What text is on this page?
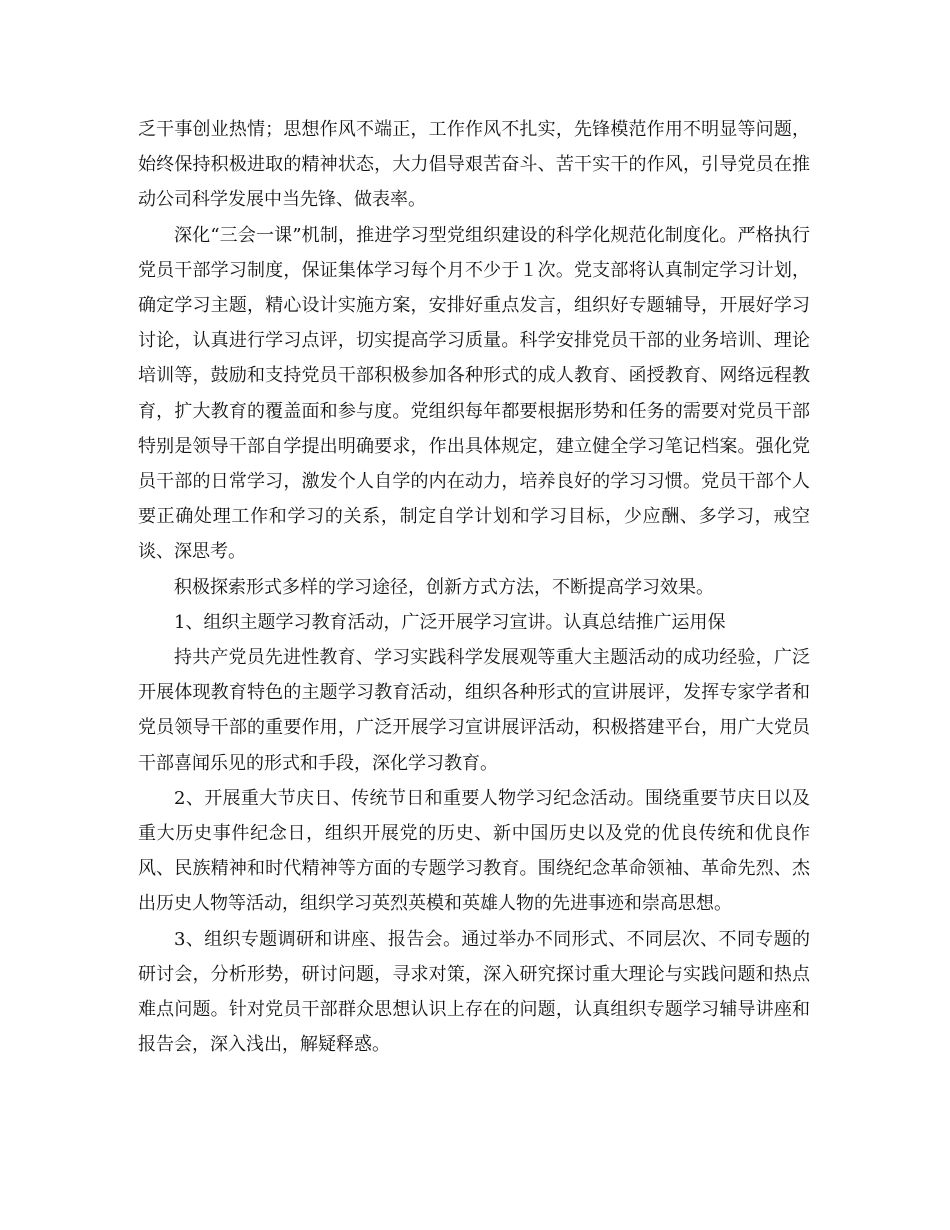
乏干事创业热情；思想作风不端正，工作作风不扎实，先锋模范作用不明显等问题，始终保持积极进取的精神状态，大力倡导艰苦奋斗、苦干实干的作风，引导党员在推动公司科学发展中当先锋、做表率。

深化“三会一课”机制，推进学习型党组织建设的科学化规范化制度化。严格执行党员干部学习制度，保证集体学习每个月不少于１次。党支部将认真制定学习计划，确定学习主题，精心设计实施方案，安排好重点发言，组织好专题辅导，开展好学习讨论，认真进行学习点评，切实提高学习质量。科学安排党员干部的业务培训、理论培训等，鼓励和支持党员干部积极参加各种形式的成人教育、函授教育、网络远程教育，扩大教育的覆盖面和参与度。党组织每年都要根据形势和任务的需要对党员干部特别是领导干部自学提出明确要求，作出具体规定，建立健全学习笔记档案。强化党员干部的日常学习，激发个人自学的内在动力，培养良好的学习习惯。党员干部个人要正确处理工作和学习的关系，制定自学计划和学习目标，少应酬、多学习，戒空谈、深思考。

积极探索形式多样的学习途径，创新方式方法，不断提高学习效果。

1、组织主题学习教育活动，广泛开展学习宣讲。认真总结推广运用保

持共产党员先进性教育、学习实践科学发展观等重大主题活动的成功经验，广泛开展体现教育特色的主题学习教育活动，组织各种形式的宣讲展评，发挥专家学者和党员领导干部的重要作用，广泛开展学习宣讲展评活动，积极搭建平台，用广大党员干部喜闻乐见的形式和手段，深化学习教育。

2、开展重大节庆日、传统节日和重要人物学习纪念活动。围绕重要节庆日以及重大历史事件纪念日，组织开展党的历史、新中国历史以及党的优良传统和优良作风、民族精神和时代精神等方面的专题学习教育。围绕纪念革命领袖、革命先烈、杰出历史人物等活动，组织学习英烈英模和英雄人物的先进事迹和崇高思想。

3、组织专题调研和讲座、报告会。通过举办不同形式、不同层次、不同专题的研讨会，分析形势，研讨问题，寻求对策，深入研究探讨重大理论与实践问题和热点难点问题。针对党员干部群众思想认识上存在的问题，认真组织专题学习辅导讲座和报告会，深入浅出，解疑释惑。
